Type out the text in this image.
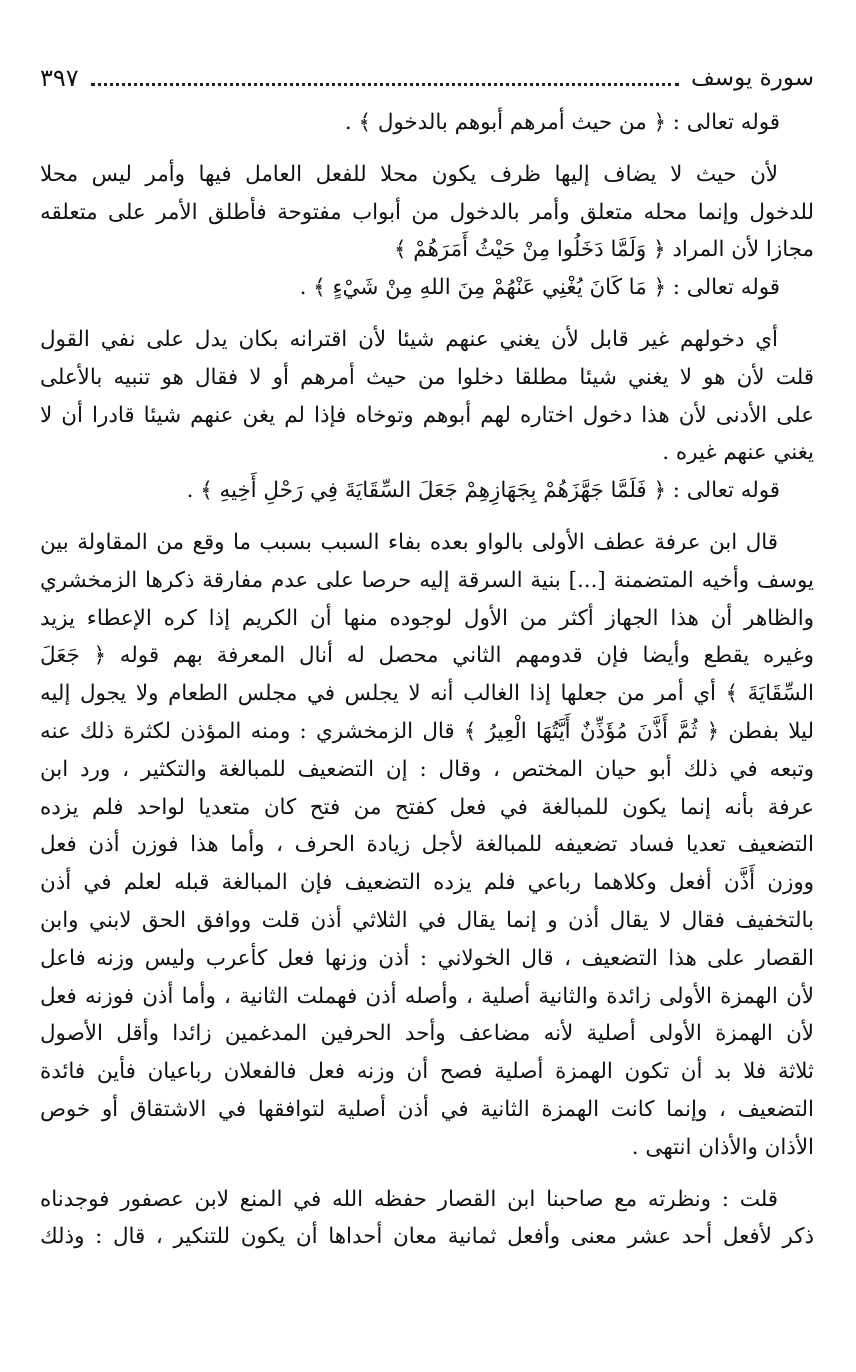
سورة يوسف
٣٩٧
قوله تعالى : ﴿ من حيث أمرهم أبوهم بالدخول ﴾ .
لأن حيث لا يضاف إليها ظرف يكون محلا للفعل العامل فيها وأمر ليس محلا
للدخول وإنما محله متعلق وأمر بالدخول من أبواب مفتوحة فأطلق الأمر على متعلقه
مجازا لأن المراد ﴿ وَلَمَّا دَخَلُوا مِنْ حَيْثُ أَمَرَهُمْ ﴾
قوله تعالى : ﴿ مَا كَانَ يُغْنِي عَنْهُمْ مِنَ اللهِ مِنْ شَيْءٍ ﴾ .
أي دخولهم غير قابل لأن يغني عنهم شيئا لأن اقترانه بكان يدل على نفي القول
قلت لأن هو لا يغني شيئا مطلقا دخلوا من حيث أمرهم أو لا فقال هو تنبيه بالأعلى
على الأدنى لأن هذا دخول اختاره لهم أبوهم وتوخاه فإذا لم يغن عنهم شيئا قادرا أن لا
يغني عنهم غيره .
قوله تعالى : ﴿ فَلَمَّا جَهَّزَهُمْ بِجَهَازِهِمْ جَعَلَ السِّقَايَةَ فِي رَحْلِ أَخِيهِ ﴾ .
قال ابن عرفة عطف الأولى بالواو بعده بفاء السبب بسبب ما وقع من المقاولة بين
يوسف وأخيه المتضمنة [...] بنية السرقة إليه حرصا على عدم مفارقة ذكرها الزمخشري
والظاهر أن هذا الجهاز أكثر من الأول لوجوده منها أن الكريم إذا كره الإعطاء يزيد
وغيره يقطع وأيضا فإن قدومهم الثاني محصل له أنال المعرفة بهم قوله ﴿ جَعَلَ
السِّقَايَةَ ﴾ أي أمر من جعلها إذا الغالب أنه لا يجلس في مجلس الطعام ولا يجول إليه
ليلا بفطن ﴿ ثُمَّ أَذَّنَ مُؤَذِّنٌ أَيَّتُهَا الْعِيرُ ﴾ قال الزمخشري : ومنه المؤذن لكثرة ذلك عنه
وتبعه في ذلك أبو حيان المختص ، وقال : إن التضعيف للمبالغة والتكثير ، ورد ابن
عرفة بأنه إنما يكون للمبالغة في فعل كفتح من فتح كان متعديا لواحد فلم يزده
التضعيف تعديا فساد تضعيفه للمبالغة لأجل زيادة الحرف ، وأما هذا فوزن أذن فعل
ووزن أَذَّن أفعل وكلاهما رباعي فلم يزده التضعيف فإن المبالغة قبله لعلم في أذن
بالتخفيف فقال لا يقال أذن و إنما يقال في الثلاثي أذن قلت ووافق الحق لابني وابن
القصار على هذا التضعيف ، قال الخولاني : أذن وزنها فعل كأعرب وليس وزنه فاعل
لأن الهمزة الأولى زائدة والثانية أصلية ، وأصله أذن فهملت الثانية ، وأما أذن فوزنه فعل
لأن الهمزة الأولى أصلية لأنه مضاعف وأحد الحرفين المدغمين زائدا وأقل الأصول
ثلاثة فلا بد أن تكون الهمزة أصلية فصح أن وزنه فعل فالفعلان رباعيان فأين فائدة
التضعيف ، وإنما كانت الهمزة الثانية في أذن أصلية لتوافقها في الاشتقاق أو خوص
الأذان والأذان انتهى .
قلت : ونظرته مع صاحبنا ابن القصار حفظه الله في المنع لابن عصفور فوجدناه
ذكر لأفعل أحد عشر معنى وأفعل ثمانية معان أحداها أن يكون للتنكير ، قال : وذلك
